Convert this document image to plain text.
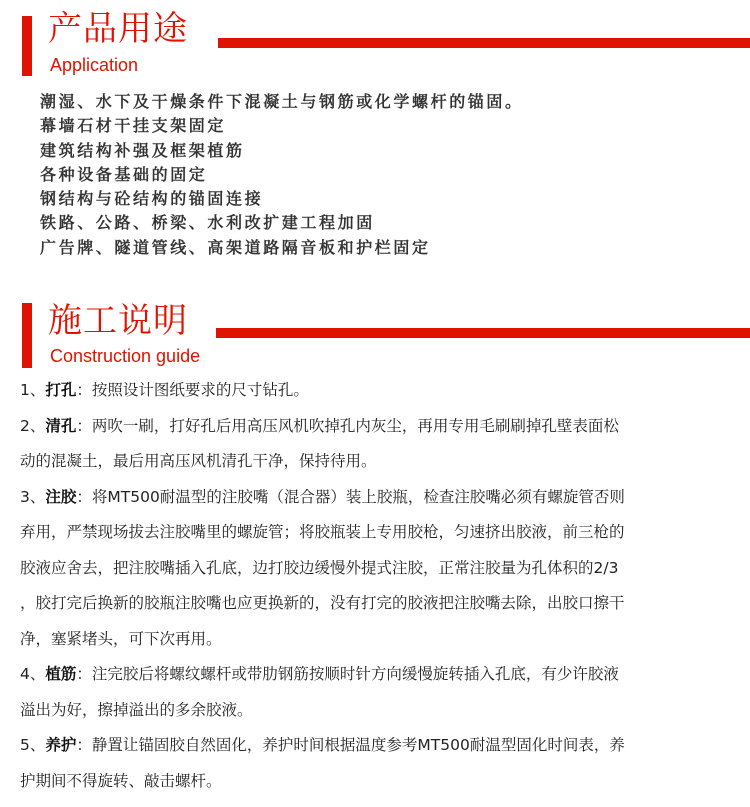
产品用途
Application
潮湿、水下及干燥条件下混凝土与钢筋或化学螺杆的锚固。
幕墙石材干挂支架固定
建筑结构补强及框架植筋
各种设备基础的固定
钢结构与砼结构的锚固连接
铁路、公路、桥梁、水利改扩建工程加固
广告牌、隧道管线、高架道路隔音板和护栏固定
施工说明
Construction guide
1、打孔：按照设计图纸要求的尺寸钻孔。
2、清孔：两吹一刷，打好孔后用高压风机吹掉孔内灰尘，再用专用毛刷刷掉孔壁表面松
动的混凝土，最后用高压风机清孔干净，保持待用。
3、注胶：将MT500耐温型的注胶嘴（混合器）装上胶瓶，检查注胶嘴必须有螺旋管否则
弃用，严禁现场拔去注胶嘴里的螺旋管；将胶瓶装上专用胶枪，匀速挤出胶液，前三枪的
胶液应舍去，把注胶嘴插入孔底，边打胶边缓慢外提式注胶，正常注胶量为孔体积的2/3
，胶打完后换新的胶瓶注胶嘴也应更换新的，没有打完的胶液把注胶嘴去除，出胶口擦干
净，塞紧堵头，可下次再用。
4、植筋：注完胶后将螺纹螺杆或带肋钢筋按顺时针方向缓慢旋转插入孔底，有少许胶液
溢出为好，擦掉溢出的多余胶液。
5、养护：静置让锚固胶自然固化，养护时间根据温度参考MT500耐温型固化时间表，养
护期间不得旋转、敲击螺杆。
